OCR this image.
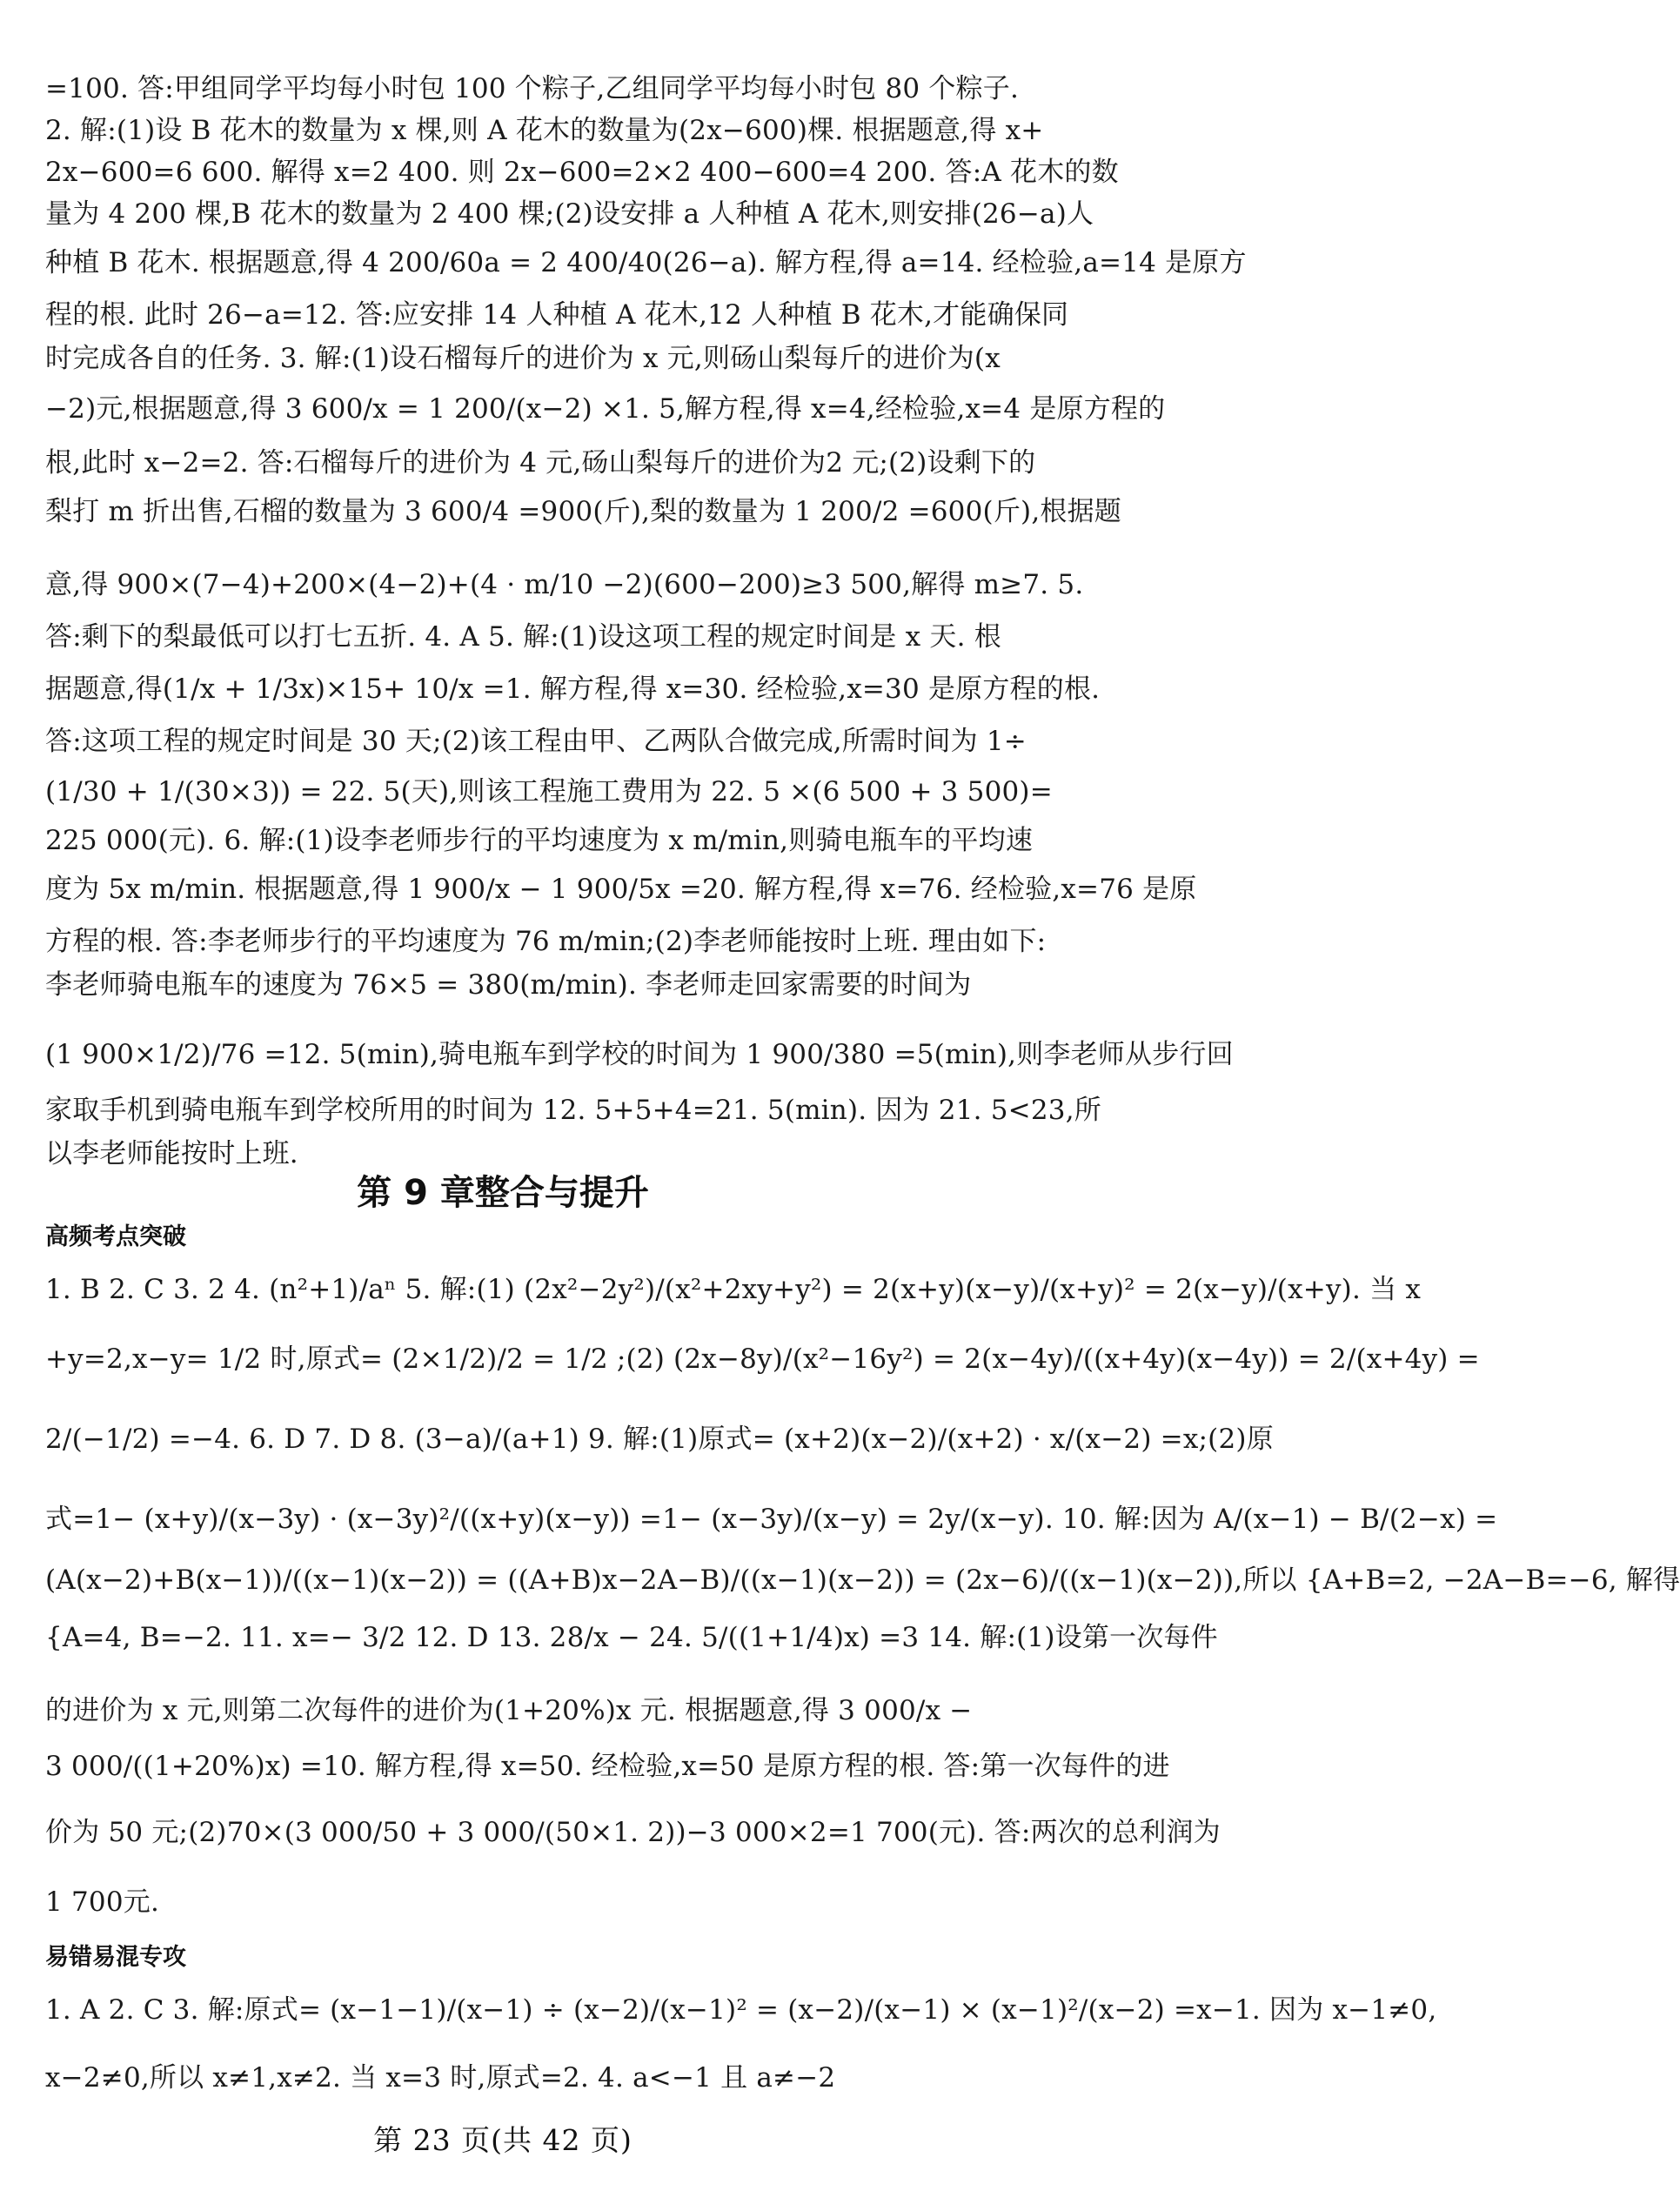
=100. 答:甲组同学平均每小时包 100 个粽子,乙组同学平均每小时包 80 个粽子.
2. 解:(1)设 B 花木的数量为 x 棵,则 A 花木的数量为(2x−600)棵. 根据题意,得 x+
2x−600=6 600. 解得 x=2 400. 则 2x−600=2×2 400−600=4 200. 答:A 花木的数
量为 4 200 棵,B 花木的数量为 2 400 棵;(2)设安排 a 人种植 A 花木,则安排(26−a)人
种植 B 花木. 根据题意,得 4 200/60a = 2 400/40(26−a). 解方程,得 a=14. 经检验,a=14 是原方
程的根. 此时 26−a=12. 答:应安排 14 人种植 A 花木,12 人种植 B 花木,才能确保同
时完成各自的任务. 3. 解:(1)设石榴每斤的进价为 x 元,则砀山梨每斤的进价为(x
−2)元,根据题意,得 3 600/x = 1 200/(x−2) ×1. 5,解方程,得 x=4,经检验,x=4 是原方程的
根,此时 x−2=2. 答:石榴每斤的进价为 4 元,砀山梨每斤的进价为2 元;(2)设剩下的
梨打 m 折出售,石榴的数量为 3 600/4 =900(斤),梨的数量为 1 200/2 =600(斤),根据题
意,得 900×(7−4)+200×(4−2)+(4 · m/10 −2)(600−200)≥3 500,解得 m≥7. 5.
答:剩下的梨最低可以打七五折. 4. A 5. 解:(1)设这项工程的规定时间是 x 天. 根
据题意,得(1/x + 1/3x)×15+ 10/x =1. 解方程,得 x=30. 经检验,x=30 是原方程的根.
答:这项工程的规定时间是 30 天;(2)该工程由甲、乙两队合做完成,所需时间为 1÷
(1/30 + 1/(30×3)) = 22. 5(天),则该工程施工费用为 22. 5 ×(6 500 + 3 500)=
225 000(元). 6. 解:(1)设李老师步行的平均速度为 x m/min,则骑电瓶车的平均速
度为 5x m/min. 根据题意,得 1 900/x − 1 900/5x =20. 解方程,得 x=76. 经检验,x=76 是原
方程的根. 答:李老师步行的平均速度为 76 m/min;(2)李老师能按时上班. 理由如下:
李老师骑电瓶车的速度为 76×5 = 380(m/min). 李老师走回家需要的时间为
(1 900×1/2)/76 =12. 5(min),骑电瓶车到学校的时间为 1 900/380 =5(min),则李老师从步行回
家取手机到骑电瓶车到学校所用的时间为 12. 5+5+4=21. 5(min). 因为 21. 5<23,所
以李老师能按时上班.
第 9 章整合与提升
高频考点突破
1. B 2. C 3. 2 4. (n²+1)/aⁿ 5. 解:(1) (2x²−2y²)/(x²+2xy+y²) = 2(x+y)(x−y)/(x+y)² = 2(x−y)/(x+y). 当 x
+y=2,x−y= 1/2 时,原式= (2×1/2)/2 = 1/2 ;(2) (2x−8y)/(x²−16y²) = 2(x−4y)/((x+4y)(x−4y)) = 2/(x+4y) =
2/(−1/2) =−4. 6. D 7. D 8. (3−a)/(a+1) 9. 解:(1)原式= (x+2)(x−2)/(x+2) · x/(x−2) =x;(2)原
式=1− (x+y)/(x−3y) · (x−3y)²/((x+y)(x−y)) =1− (x−3y)/(x−y) = 2y/(x−y). 10. 解:因为 A/(x−1) − B/(2−x) =
(A(x−2)+B(x−1))/((x−1)(x−2)) = ((A+B)x−2A−B)/((x−1)(x−2)) = (2x−6)/((x−1)(x−2)),所以 {A+B=2, −2A−B=−6, 解得
{A=4, B=−2. 11. x=− 3/2 12. D 13. 28/x − 24. 5/((1+1/4)x) =3 14. 解:(1)设第一次每件
的进价为 x 元,则第二次每件的进价为(1+20%)x 元. 根据题意,得 3 000/x −
3 000/((1+20%)x) =10. 解方程,得 x=50. 经检验,x=50 是原方程的根. 答:第一次每件的进
价为 50 元;(2)70×(3 000/50 + 3 000/(50×1. 2))−3 000×2=1 700(元). 答:两次的总利润为
1 700元.
易错易混专攻
1. A 2. C 3. 解:原式= (x−1−1)/(x−1) ÷ (x−2)/(x−1)² = (x−2)/(x−1) × (x−1)²/(x−2) =x−1. 因为 x−1≠0,
x−2≠0,所以 x≠1,x≠2. 当 x=3 时,原式=2. 4. a<−1 且 a≠−2
第 23 页(共 42 页)
